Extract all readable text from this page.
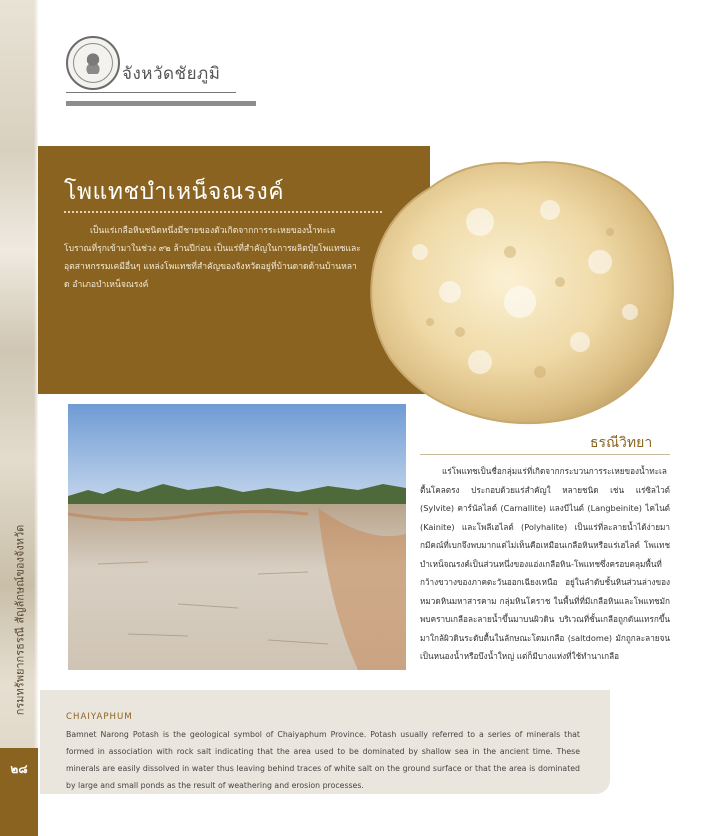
กรมทรัพยากรธรณี สัญลักษณ์ของจังหวัด
๒๘
จังหวัดชัยภูมิ
โพแทชบำเหน็จณรงค์
เป็นแร่เกลือหินชนิดหนึ่งมีชายของตัวเกิดจากการระเหยของน้ำทะเลโบราณที่รุกเข้ามาในช่วง ๙๒ ล้านปีก่อน เป็นแร่ที่สำคัญในการผลิตปุ๋ยโพแทชและอุตสาหกรรมเคมีอื่นๆ แหล่งโพแทชที่สำคัญของจังหวัดอยู่ที่บ้านดาดด้านบ้านหลาด อำเภอบำเหน็จณรงค์
ธรณีวิทยา
แร่โพแทชเป็นชื่อกลุ่มแร่ที่เกิดจากกระบวนการระเหยของน้ำทะเลตื้นโคลตรง ประกอบด้วยแร่สำคัญใ หลายชนิด เช่น แร่ซิลไวต์ (Sylvite) คาร์นัลไลต์ (Carnallite) แลงบีไนต์ (Langbeinite) ไคไนต์ (Kainite) และโพลีเฮไลต์ (Polyhalite) เป็นแร่ที่ละลายน้ำได้ง่ายมากมีคณ์ที่เบกจึงพบมากแต่ไม่เห็นคือเหมือนเกลือหินหรือแร่เฮไลต์ โพแทชบำเหน็จณรงค์เป็นส่วนหนึ่งของแอ่งเกลือหิน-โพแทชซึ่งครอบคลุมพื้นที่กว้างขวางของภาคตะวันออกเฉียงเหนือ อยู่ในลำดับชั้นหินส่วนล่างของหมวดหินมหาสารคาม กลุ่มหินโคราช ในพื้นที่ที่มีเกลือหินและโพแทชมักพบคราบเกลือละลายน้ำขึ้นมาบนผิวดิน บริเวณที่ชั้นเกลือถูกดันแทรกขึ้นมาใกล้ผิวดินระดับตื้นในลักษณะโดมเกลือ (saltdome) มักถูกละลายจนเป็นหนองน้ำหรือบึงน้ำใหญ่ แต่ก็มีบางแห่งที่ใช้ทำนาเกลือ
CHAIYAPHUM
Bamnet Narong Potash is the geological symbol of Chaiyaphum Province. Potash usually referred to a series of minerals that formed in association with rock salt indicating that the area used to be dominated by shallow sea in the ancient time. These minerals are easily dissolved in water thus leaving behind traces of white salt on the ground surface or that the area is dominated by large and small ponds as the result of weathering and erosion processes.
